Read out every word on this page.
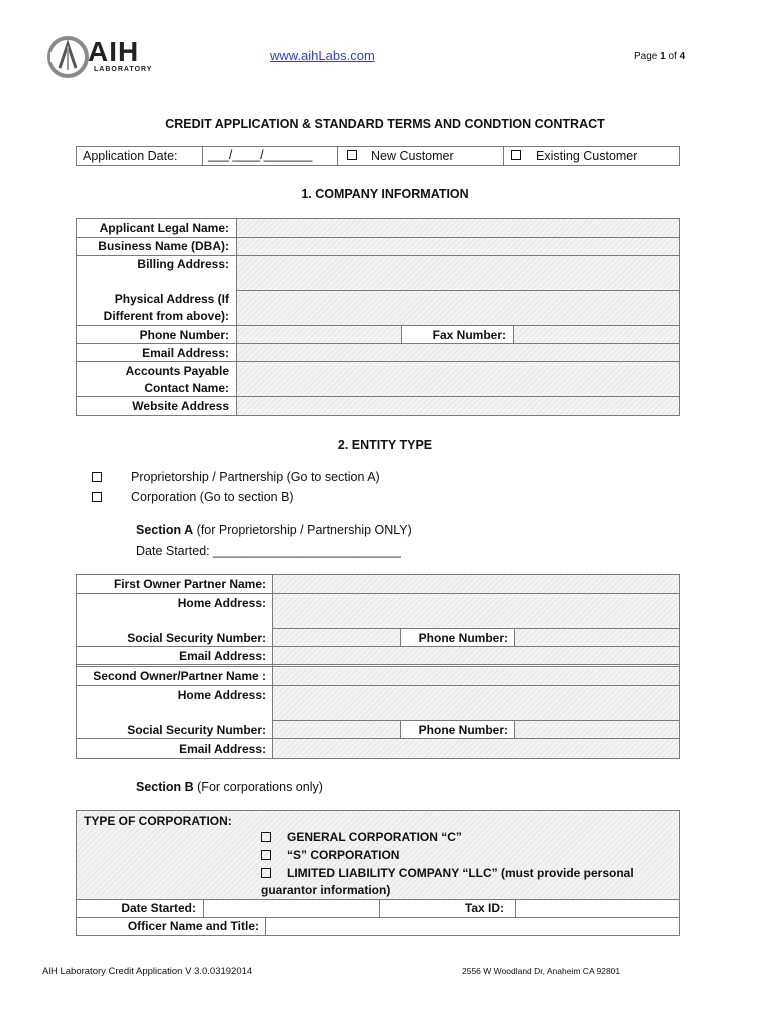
AIH
LABORATORY
www.aihLabs.com	Page 1 of 4
CREDIT APPLICATION & STANDARD TERMS AND CONDTION CONTRACT
Application Date: ___/____/_______	New Customer	Existing Customer
1. COMPANY INFORMATION
Applicant Legal Name:
Business Name (DBA):
Billing Address:
Physical Address (If
Different from above):
Phone Number:	Fax Number:
Email Address:
Accounts Payable
Contact Name:
Website Address
2. ENTITY TYPE
Proprietorship / Partnership (Go to section A)
Corporation (Go to section B)
Section A (for Proprietorship / Partnership ONLY)
Date Started: ___________________________
First Owner Partner Name:
Home Address:
Social Security Number:	Phone Number:
Email Address:
Second Owner/Partner Name :
Home Address:
Social Security Number:	Phone Number:
Email Address:
Section B (For corporations only)
TYPE OF CORPORATION:
GENERAL CORPORATION “C”
“S” CORPORATION
LIMITED LIABILITY COMPANY “LLC” (must provide personal
guarantor information)
Date Started:	Tax ID:
Officer Name and Title:
AIH Laboratory Credit Application V 3.0.03192014	2556 W Woodland Dr, Anaheim CA 92801
